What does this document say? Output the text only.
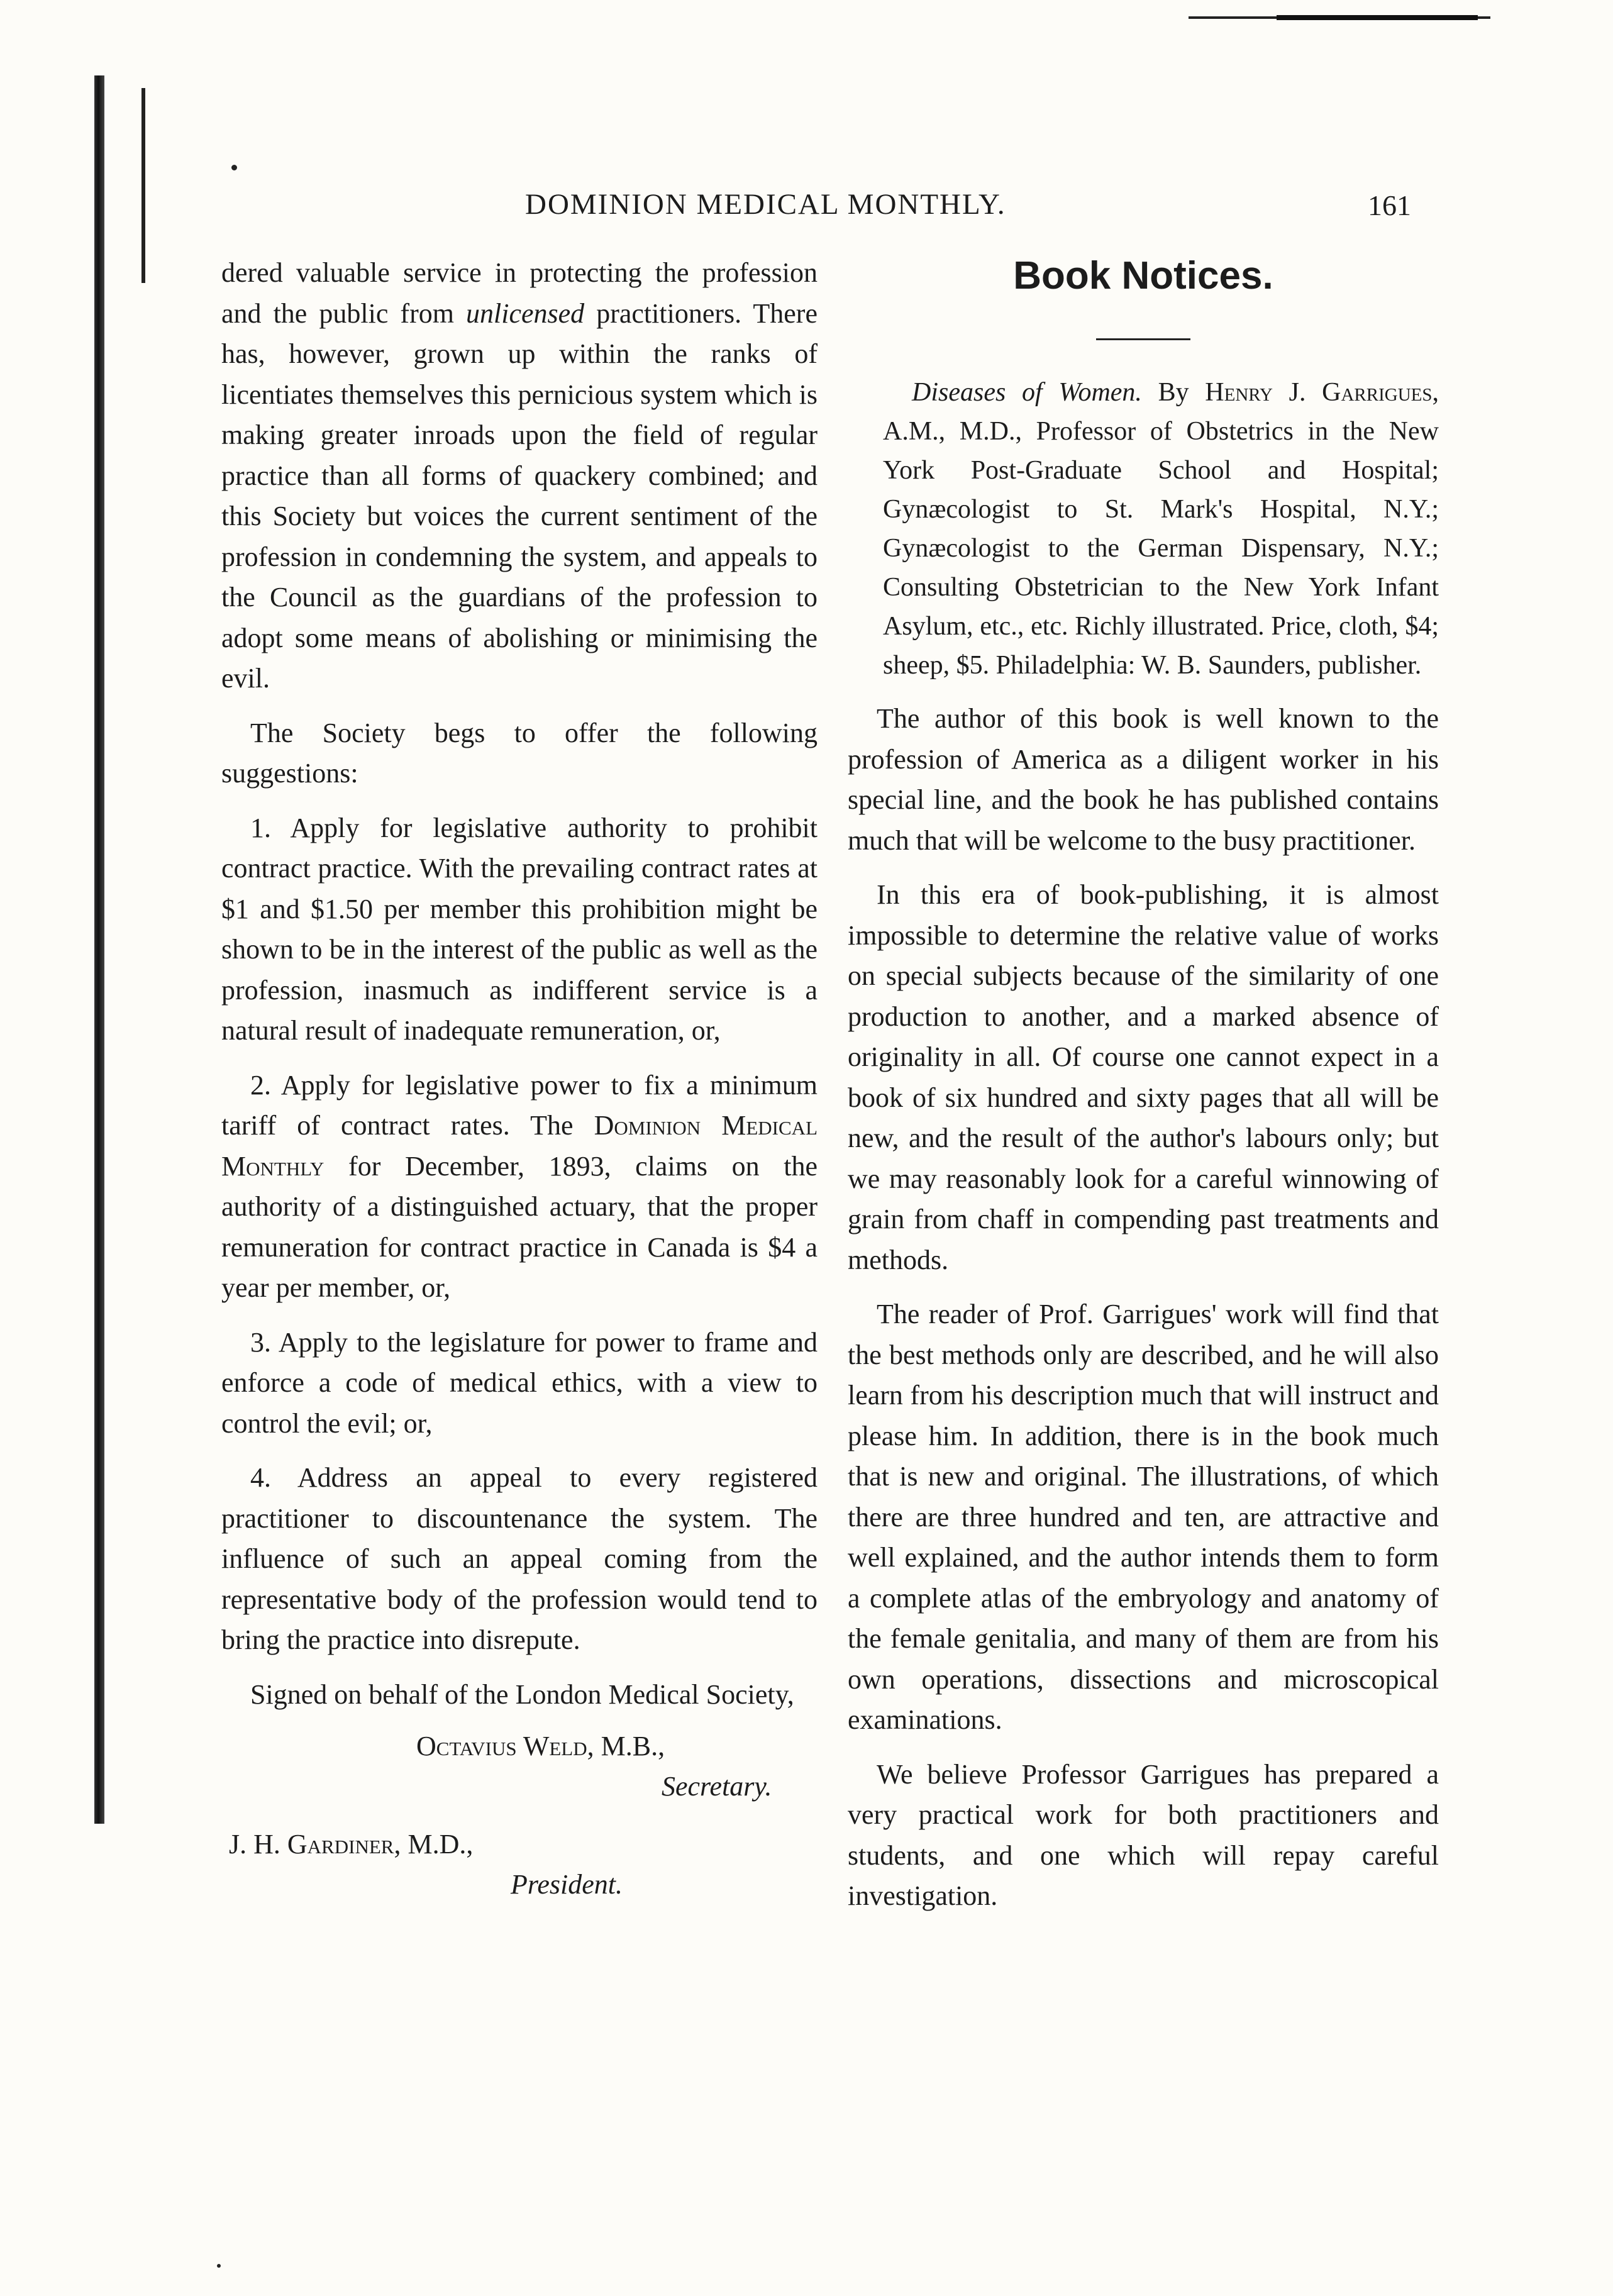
DOMINION MEDICAL MONTHLY.	161

dered valuable service in protecting the profession and the public from unlicensed practitioners. There has, however, grown up within the ranks of licentiates themselves this pernicious system which is making greater inroads upon the field of regular practice than all forms of quackery combined; and this Society but voices the current sentiment of the profession in condemning the system, and appeals to the Council as the guardians of the profession to adopt some means of abolishing or minimising the evil.

The Society begs to offer the following suggestions:

1. Apply for legislative authority to prohibit contract practice. With the prevailing contract rates at $1 and $1.50 per member this prohibition might be shown to be in the interest of the public as well as the profession, inasmuch as indifferent service is a natural result of inadequate remuneration, or,

2. Apply for legislative power to fix a minimum tariff of contract rates. The Dominion Medical Monthly for December, 1893, claims on the authority of a distinguished actuary, that the proper remuneration for contract practice in Canada is $4 a year per member, or,

3. Apply to the legislature for power to frame and enforce a code of medical ethics, with a view to control the evil; or,

4. Address an appeal to every registered practitioner to discountenance the system. The influence of such an appeal coming from the representative body of the profession would tend to bring the practice into disrepute.

Signed on behalf of the London Medical Society,

Octavius Weld, M.B.,
Secretary.
J. H. Gardiner, M.D.,
President.
Book Notices.

Diseases of Women. By Henry J. Garrigues, A.M., M.D., Professor of Obstetrics in the New York Post-Graduate School and Hospital; Gynæcologist to St. Mark's Hospital, N.Y.; Gynæcologist to the German Dispensary, N.Y.; Consulting Obstetrician to the New York Infant Asylum, etc., etc. Richly illustrated. Price, cloth, $4; sheep, $5. Philadelphia: W. B. Saunders, publisher.

The author of this book is well known to the profession of America as a diligent worker in his special line, and the book he has published contains much that will be welcome to the busy practitioner.

In this era of book-publishing, it is almost impossible to determine the relative value of works on special subjects because of the similarity of one production to another, and a marked absence of originality in all. Of course one cannot expect in a book of six hundred and sixty pages that all will be new, and the result of the author's labours only; but we may reasonably look for a careful winnowing of grain from chaff in compending past treatments and methods.

The reader of Prof. Garrigues' work will find that the best methods only are described, and he will also learn from his description much that will instruct and please him. In addition, there is in the book much that is new and original. The illustrations, of which there are three hundred and ten, are attractive and well explained, and the author intends them to form a complete atlas of the embryology and anatomy of the female genitalia, and many of them are from his own operations, dissections and microscopical examinations.

We believe Professor Garrigues has prepared a very practical work for both practitioners and students, and one which will repay careful investigation.
